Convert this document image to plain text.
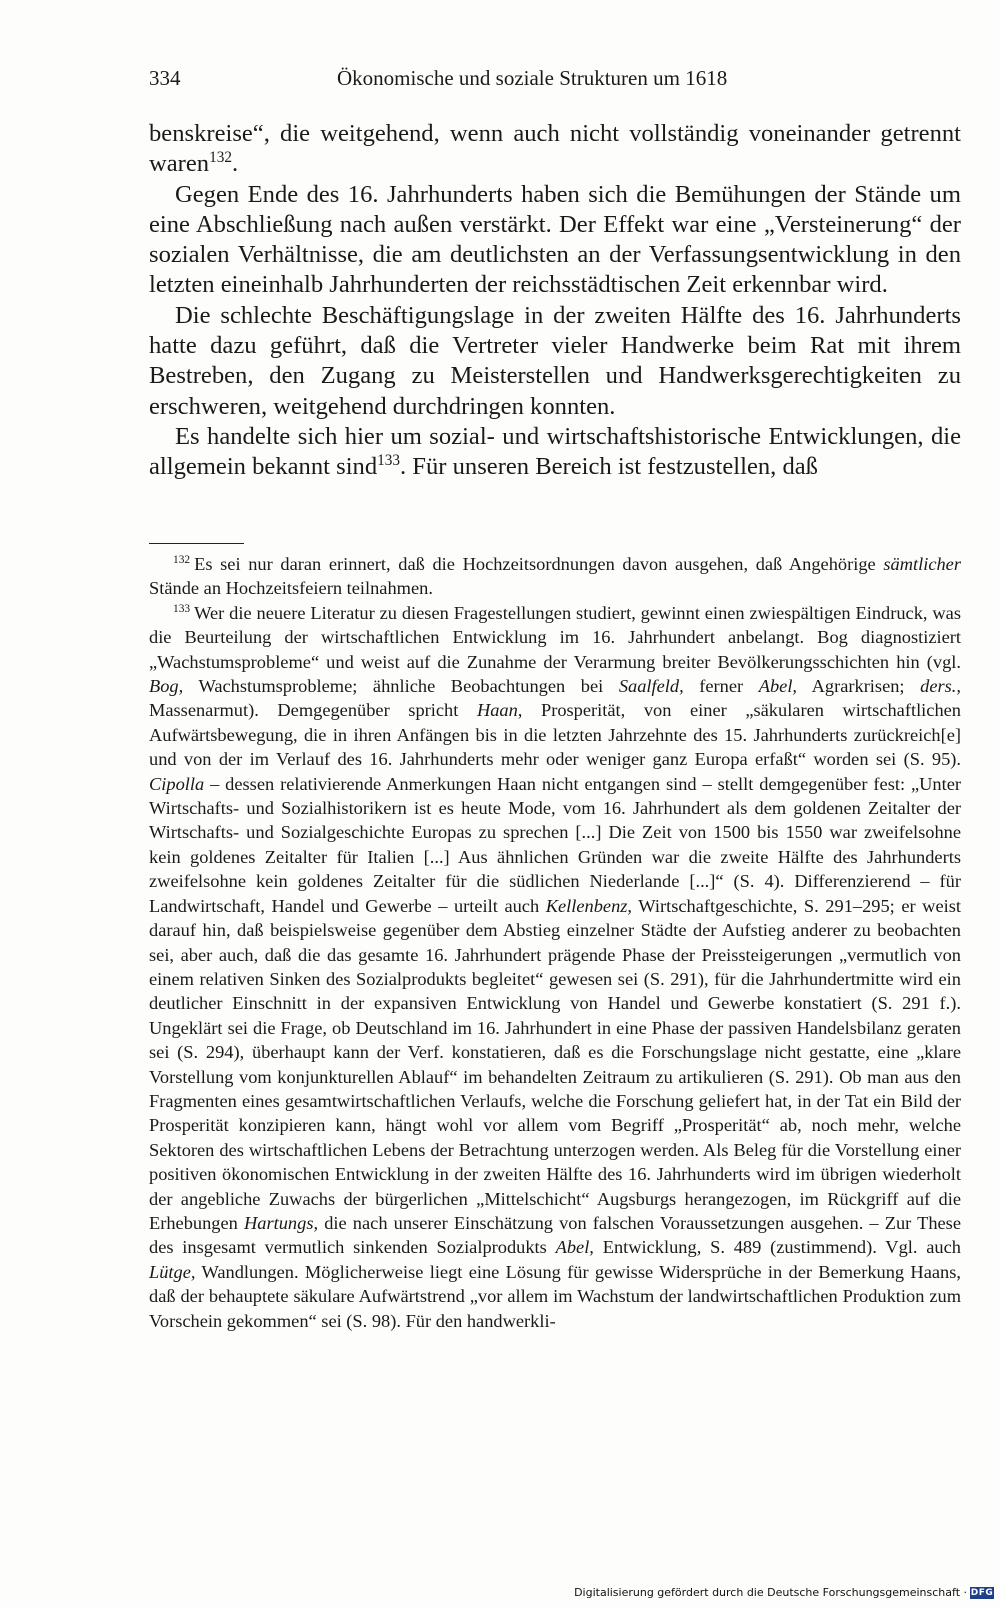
334	Ökonomische und soziale Strukturen um 1618

benskreise“, die weitgehend, wenn auch nicht vollständig voneinander getrennt waren$^{132}$.

Gegen Ende des 16. Jahrhunderts haben sich die Bemühungen der Stände um eine Abschließung nach außen verstärkt. Der Effekt war eine „Versteinerung“ der sozialen Verhältnisse, die am deutlichsten an der Verfassungsentwicklung in den letzten eineinhalb Jahrhunderten der reichsstädtischen Zeit erkennbar wird.

Die schlechte Beschäftigungslage in der zweiten Hälfte des 16. Jahrhunderts hatte dazu geführt, daß die Vertreter vieler Handwerke beim Rat mit ihrem Bestreben, den Zugang zu Meisterstellen und Handwerksgerechtigkeiten zu erschweren, weitgehend durchdringen konnten.

Es handelte sich hier um sozial- und wirtschaftshistorische Entwicklungen, die allgemein bekannt sind$^{133}$. Für unseren Bereich ist festzustellen, daß

$^{132}$ Es sei nur daran erinnert, daß die Hochzeitsordnungen davon ausgehen, daß Angehörige sämtlicher Stände an Hochzeitsfeiern teilnahmen.

$^{133}$ Wer die neuere Literatur zu diesen Fragestellungen studiert, gewinnt einen zwiespältigen Eindruck, was die Beurteilung der wirtschaftlichen Entwicklung im 16. Jahrhundert anbelangt. Bog diagnostiziert „Wachstumsprobleme“ und weist auf die Zunahme der Verarmung breiter Bevölkerungsschichten hin (vgl. Bog, Wachstumsprobleme; ähnliche Beobachtungen bei Saalfeld, ferner Abel, Agrarkrisen; ders., Massenarmut). Demgegenüber spricht Haan, Prosperität, von einer „säkularen wirtschaftlichen Aufwärtsbewegung, die in ihren Anfängen bis in die letzten Jahrzehnte des 15. Jahrhunderts zurückreich[e] und von der im Verlauf des 16. Jahrhunderts mehr oder weniger ganz Europa erfaßt“ worden sei (S. 95). Cipolla – dessen relativierende Anmerkungen Haan nicht entgangen sind – stellt demgegenüber fest: „Unter Wirtschafts- und Sozialhistorikern ist es heute Mode, vom 16. Jahrhundert als dem goldenen Zeitalter der Wirtschafts- und Sozialgeschichte Europas zu sprechen [...] Die Zeit von 1500 bis 1550 war zweifelsohne kein goldenes Zeitalter für Italien [...] Aus ähnlichen Gründen war die zweite Hälfte des Jahrhunderts zweifelsohne kein goldenes Zeitalter für die südlichen Niederlande [...]“ (S. 4). Differenzierend – für Landwirtschaft, Handel und Gewerbe – urteilt auch Kellenbenz, Wirtschaftgeschichte, S. 291–295; er weist darauf hin, daß beispielsweise gegenüber dem Abstieg einzelner Städte der Aufstieg anderer zu beobachten sei, aber auch, daß die das gesamte 16. Jahrhundert prägende Phase der Preissteigerungen „vermutlich von einem relativen Sinken des Sozialprodukts begleitet“ gewesen sei (S. 291), für die Jahrhundertmitte wird ein deutlicher Einschnitt in der expansiven Entwicklung von Handel und Gewerbe konstatiert (S. 291 f.). Ungeklärt sei die Frage, ob Deutschland im 16. Jahrhundert in eine Phase der passiven Handelsbilanz geraten sei (S. 294), überhaupt kann der Verf. konstatieren, daß es die Forschungslage nicht gestatte, eine „klare Vorstellung vom konjunkturellen Ablauf“ im behandelten Zeitraum zu artikulieren (S. 291). Ob man aus den Fragmenten eines gesamtwirtschaftlichen Verlaufs, welche die Forschung geliefert hat, in der Tat ein Bild der Prosperität konzipieren kann, hängt wohl vor allem vom Begriff „Prosperität“ ab, noch mehr, welche Sektoren des wirtschaftlichen Lebens der Betrachtung unterzogen werden. Als Beleg für die Vorstellung einer positiven ökonomischen Entwicklung in der zweiten Hälfte des 16. Jahrhunderts wird im übrigen wiederholt der angebliche Zuwachs der bürgerlichen „Mittelschicht“ Augsburgs herangezogen, im Rückgriff auf die Erhebungen Hartungs, die nach unserer Einschätzung von falschen Voraussetzungen ausgehen. – Zur These des insgesamt vermutlich sinkenden Sozialprodukts Abel, Entwicklung, S. 489 (zustimmend). Vgl. auch Lütge, Wandlungen. Möglicherweise liegt eine Lösung für gewisse Widersprüche in der Bemerkung Haans, daß der behauptete säkulare Aufwärtstrend „vor allem im Wachstum der landwirtschaftlichen Produktion zum Vorschein gekommen“ sei (S. 98). Für den handwerkli-

Digitalisierung gefördert durch die Deutsche Forschungsgemeinschaft · DFG
